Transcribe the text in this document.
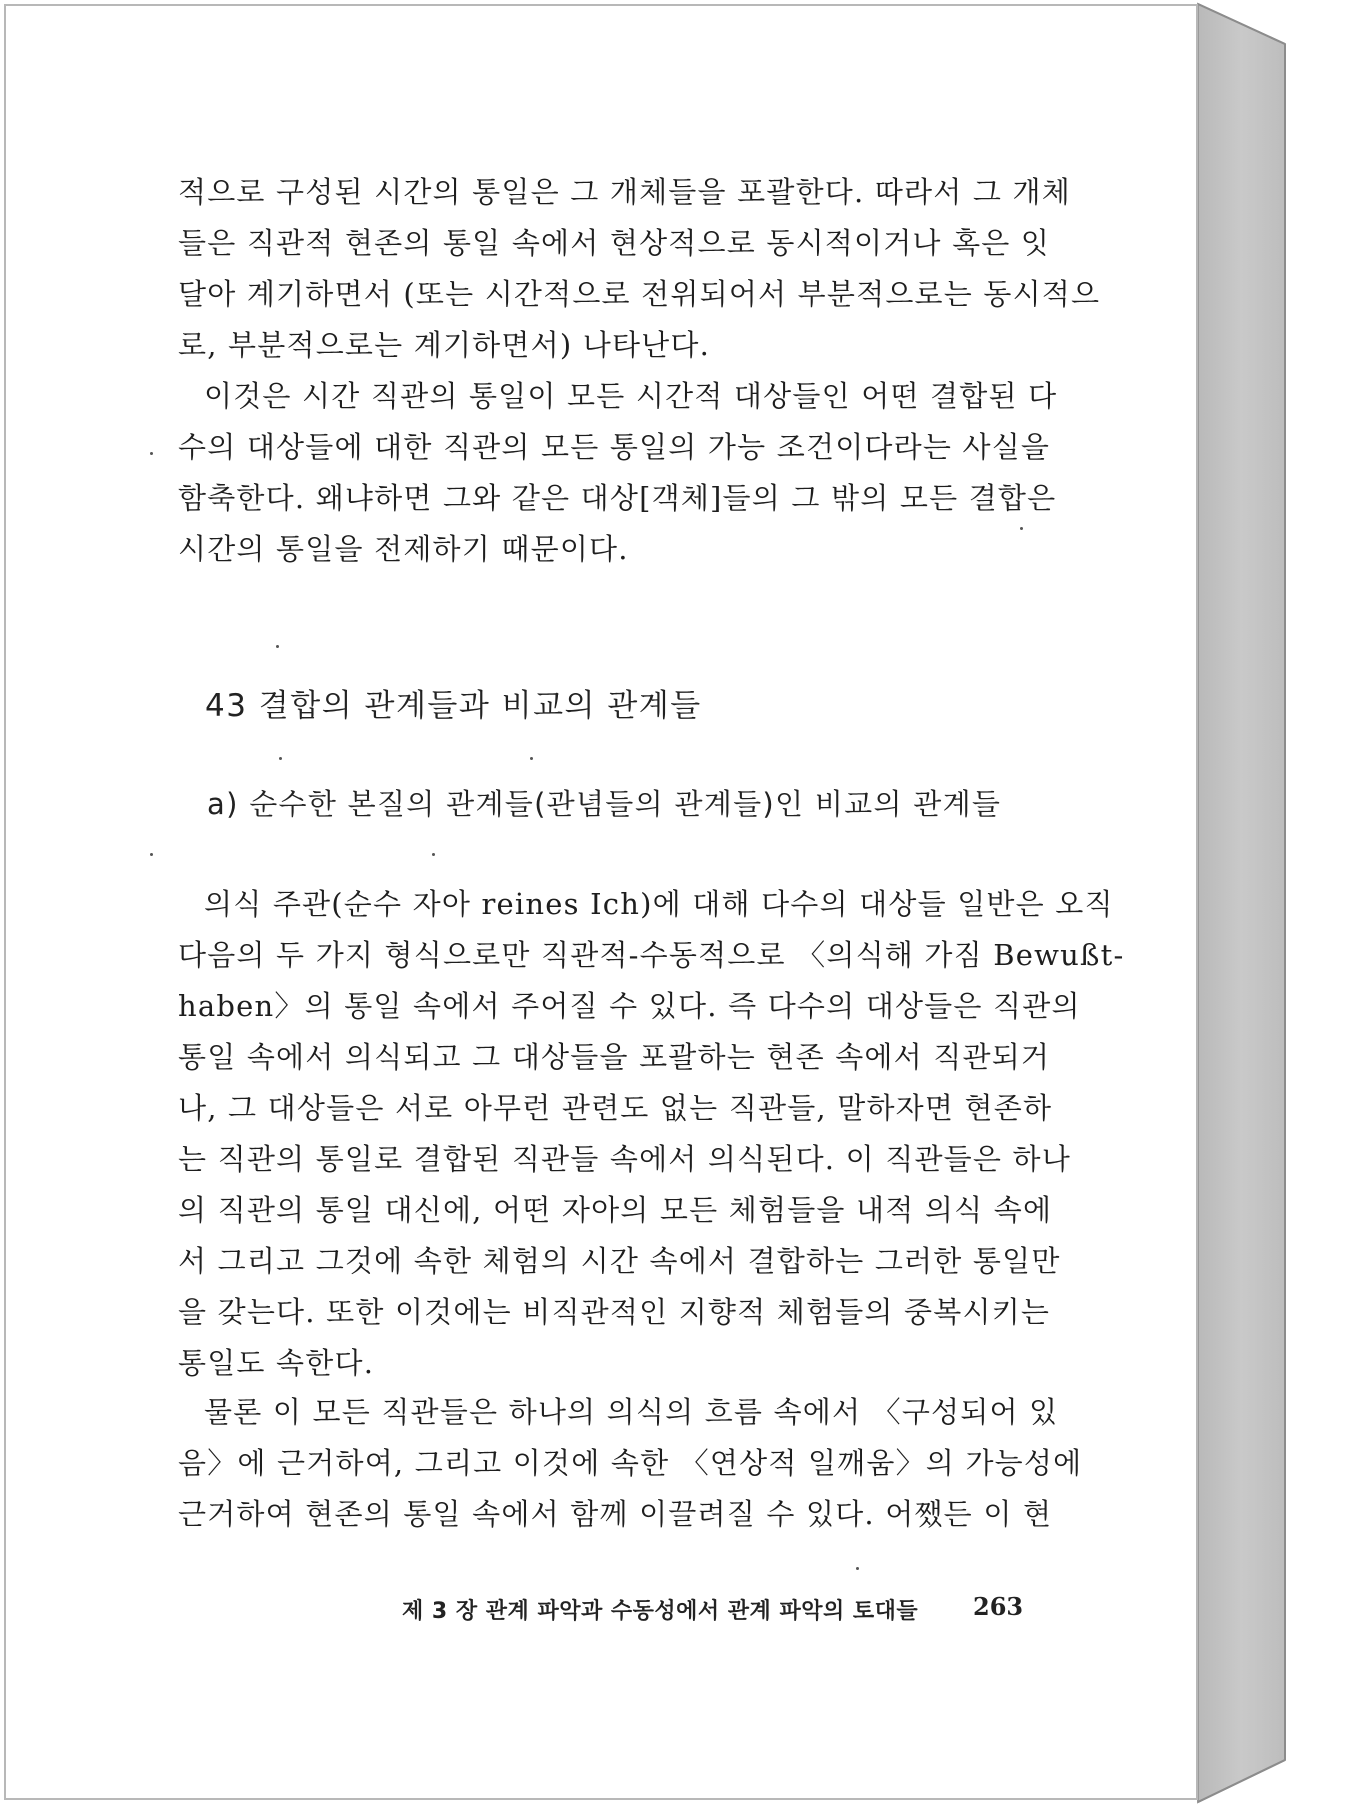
적으로 구성된 시간의 통일은 그 개체들을 포괄한다. 따라서 그 개체
들은 직관적 현존의 통일 속에서 현상적으로 동시적이거나 혹은 잇
달아 계기하면서 (또는 시간적으로 전위되어서 부분적으로는 동시적으
로, 부분적으로는 계기하면서) 나타난다.
이것은 시간 직관의 통일이 모든 시간적 대상들인 어떤 결합된 다
수의 대상들에 대한 직관의 모든 통일의 가능 조건이다라는 사실을
함축한다. 왜냐하면 그와 같은 대상[객체]들의 그 밖의 모든 결합은
시간의 통일을 전제하기 때문이다.
43 결합의 관계들과 비교의 관계들
a) 순수한 본질의 관계들(관념들의 관계들)인 비교의 관계들
의식 주관(순수 자아 reines Ich)에 대해 다수의 대상들 일반은 오직
다음의 두 가지 형식으로만 직관적-수동적으로 〈의식해 가짐 Bewußt-
haben〉의 통일 속에서 주어질 수 있다. 즉 다수의 대상들은 직관의
통일 속에서 의식되고 그 대상들을 포괄하는 현존 속에서 직관되거
나, 그 대상들은 서로 아무런 관련도 없는 직관들, 말하자면 현존하
는 직관의 통일로 결합된 직관들 속에서 의식된다. 이 직관들은 하나
의 직관의 통일 대신에, 어떤 자아의 모든 체험들을 내적 의식 속에
서 그리고 그것에 속한 체험의 시간 속에서 결합하는 그러한 통일만
을 갖는다. 또한 이것에는 비직관적인 지향적 체험들의 중복시키는
통일도 속한다.
물론 이 모든 직관들은 하나의 의식의 흐름 속에서 〈구성되어 있
음〉에 근거하여, 그리고 이것에 속한 〈연상적 일깨움〉의 가능성에
근거하여 현존의 통일 속에서 함께 이끌려질 수 있다. 어쨌든 이 현
제 3 장 관계 파악과 수동성에서 관계 파악의 토대들 263
